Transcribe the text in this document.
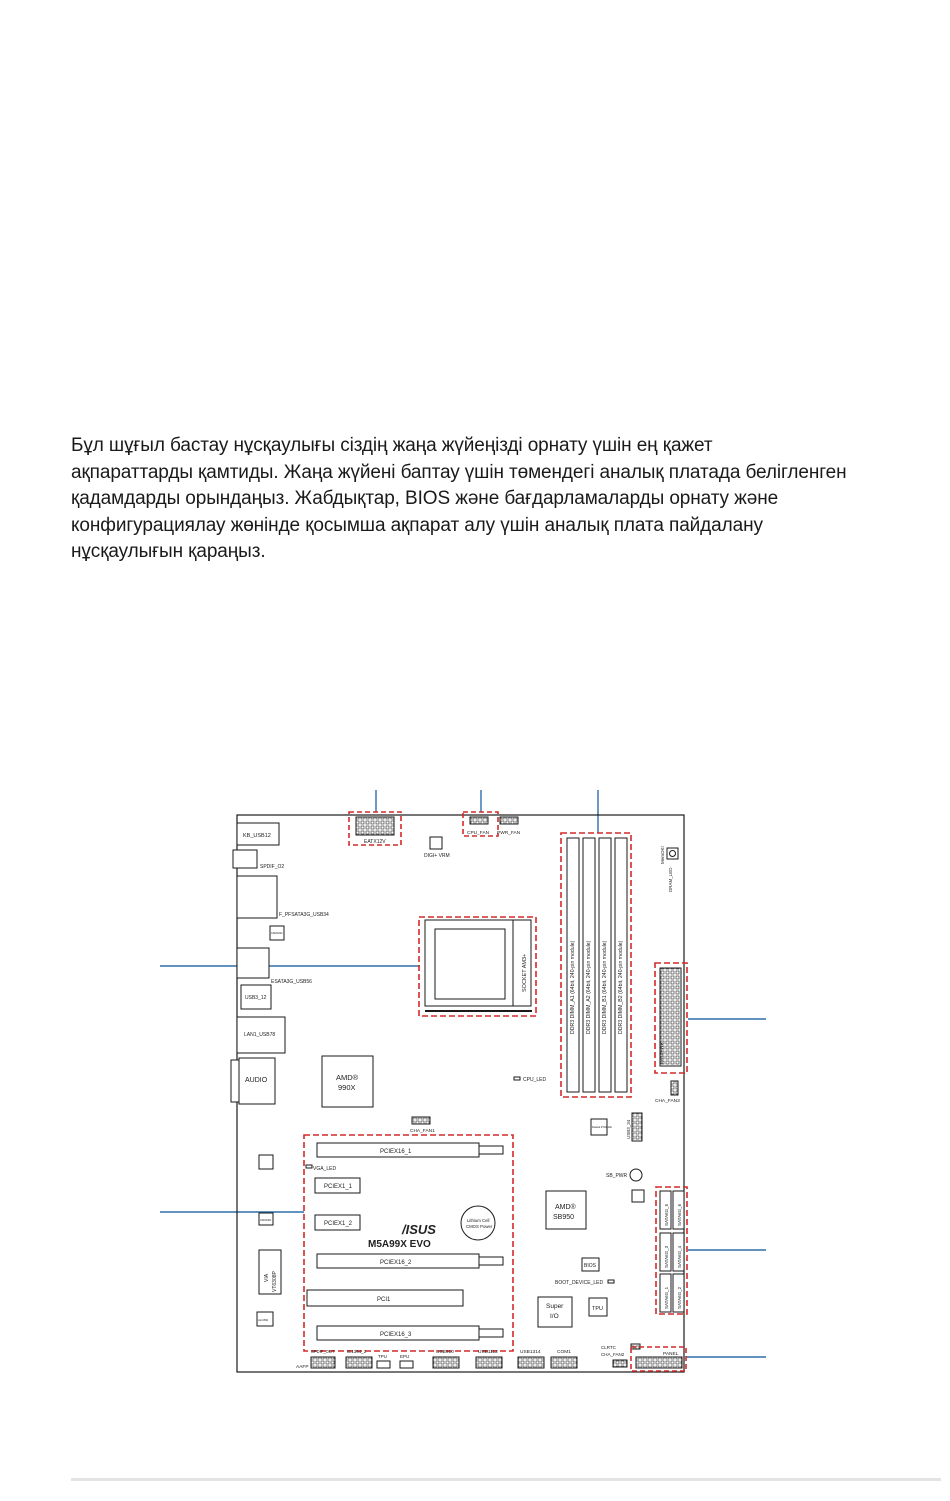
Бұл шұғыл бастау нұсқаулығы сіздің жаңа жүйеңізді орнату үшін ең қажет

ақпараттарды қамтиды. Жаңа жүйені баптау үшін төмендегі аналық платада белігленген

қадамдарды орындаңыз. Жабдықтар, BIOS және бағдарламаларды орнату және

конфигурациялау жөнінде қосымша ақпарат алу үшін аналық плата пайдалану

нұсқаулығын қараңыз.

KB_USB12
SPDIF_O2
F_PFSATA3G_USB34
ESATA3G_USB56
USB3_12
LAN1_USB78
AUDIO
EATX12V
CPU_FAN PWR_FAN
DIGI+ VRM
SOCKET AM3+	DDR3 DIMM_A1 (64bit, 240-pin module) DDR3 DIMM_A2 (64bit, 240-pin module) DDR3 DIMM_B1 (64bit, 240-pin module) DDR3 DIMM_B2 (64bit, 240-pin module)
MemOK!
DRAM_LED
EATXPWR
CHA_FAN3
ASM1042
AMD®
990X
CPU_LED
CHA_FAN1
Realtek RTL8111E	USB3_34
ASM1061
VIA VT6308P
ALC892
PCIEX16_1
VGA_LED
PCIEX1_1
PCIEX1_2	/ISUS
M5A99X EVO
Lithium Cell
CMOS Power
PCIEX16_2
PCI1
PCIEX16_3
SB_PWR
AMD®
SB950
BIOS
BOOT_DEVICE_LED
Super
I/O
TPU
SATA6G_5 SATA6G_6
SATA6G_3 SATA6G_4
SATA6G_1 SATA6G_2
AAFP
SPDIF_OUT	IE1394_2
TPU	EPU
USB910	USB1112	USB1314	COM1
CLRTC
CHA_FAN2	PANEL
